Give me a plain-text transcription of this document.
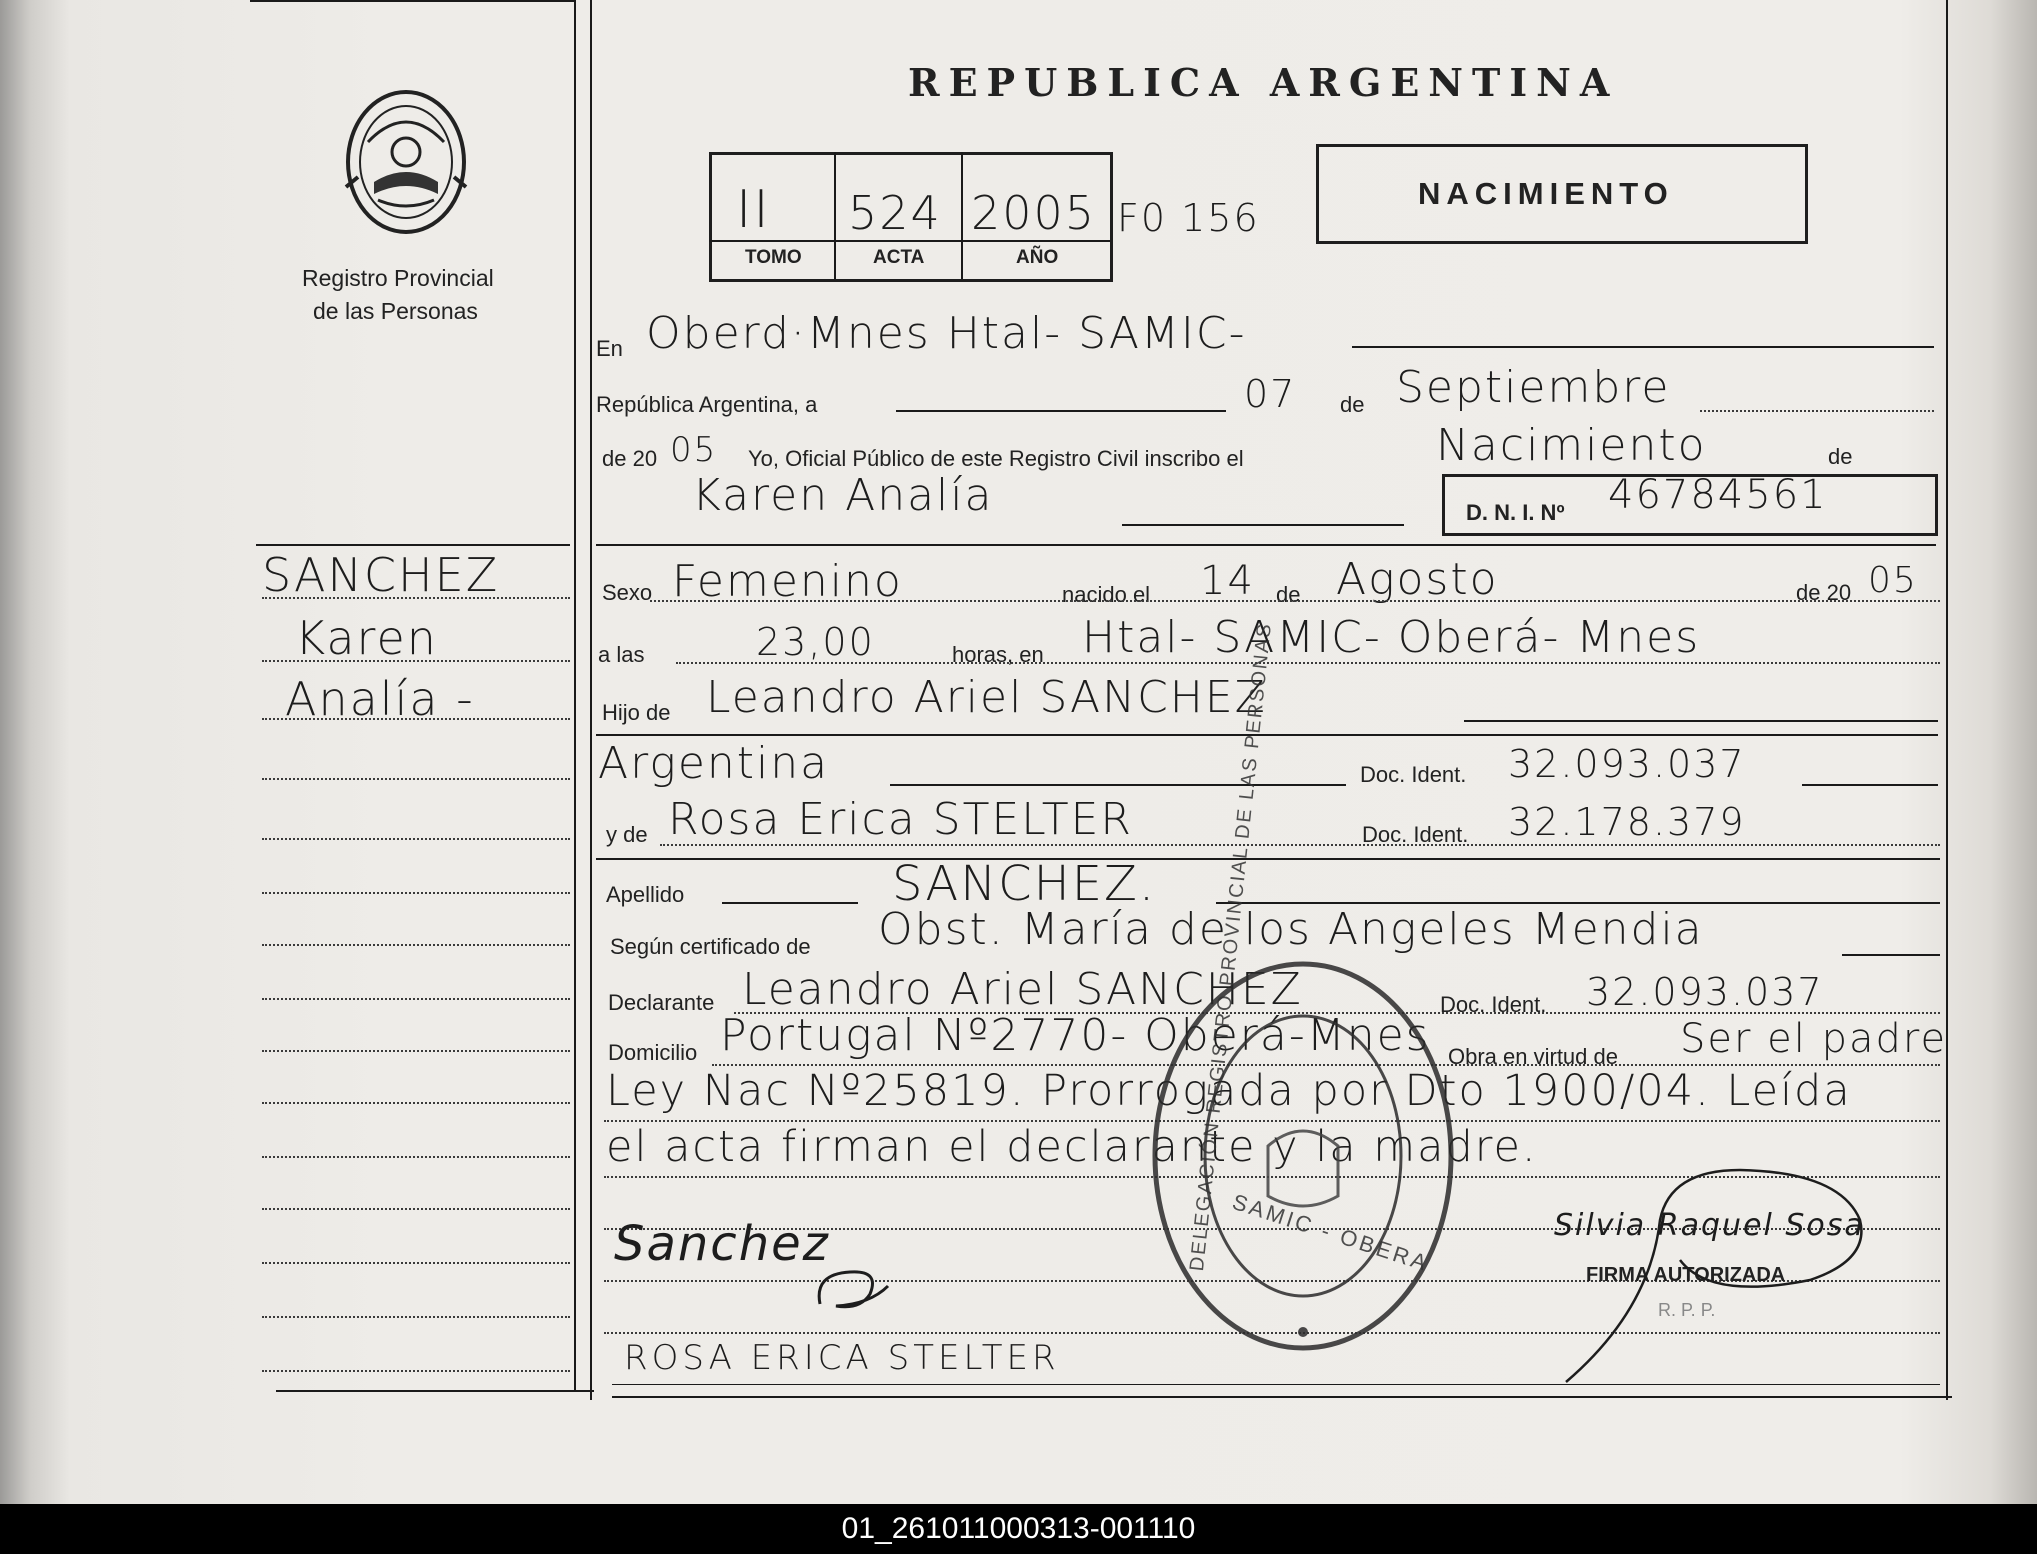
Registro Provincial
de las Personas
SANCHEZ
Karen
Analía -
REPUBLICA ARGENTINA
II 524 2005
TOMO	ACTA	AÑO
F0 156
NACIMIENTO
En Oberd·Mnes Htal- SAMIC-
República Argentina, a	07 de Septiembre
de 20 05 Yo, Oficial Público de este Registro Civil inscribo el	Nacimiento	de
Karen Analía	D. N. I. Nº 46784561
Sexo Femenino	nacido el 14 de Agosto	de 20 05
a las	23,00	horas, en Htal- SAMIC- Oberá- Mnes
Hijo de Leandro Ariel SANCHEZ
Argentina	Doc. Ident. 32.093.037
y de Rosa Erica STELTER	Doc. Ident. 32.178.379
Apellido	SANCHEZ.
Según certificado de Obst. María de los Angeles Mendia
Declarante Leandro Ariel SANCHEZ	Doc. Ident. 32.093.037
Domicilio Portugal Nº2770- Oberá-Mnes Obra en virtud de Ser el padre
Ley Nac Nº25819. Prorrogada por Dto 1900/04. Leída
el acta firman el declarante y la madre.
DELEGACIÓN REGISTRO PROVINCIAL DE LAS PERSONAS
SAMIC - OBERA
Sanchez
ROSA ERICA STELTER
Silvia Raquel Sosa
FIRMA AUTORIZADA
R. P. P.
01_261011000313-001110
